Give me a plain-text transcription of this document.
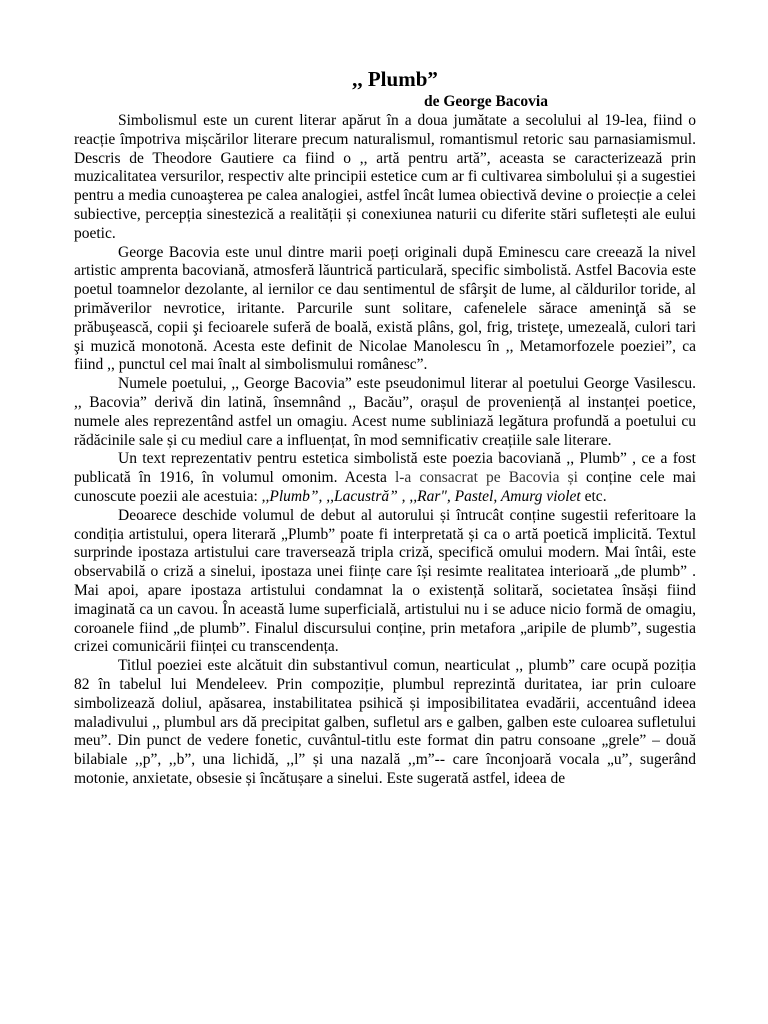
,, Plumb”

de George Bacovia

Simbolismul este un curent literar apărut în a doua jumătate a secolului al 19-lea, fiind o reacție împotriva mișcărilor literare precum naturalismul, romantismul retoric sau parnasiamismul. Descris de Theodore Gautiere ca fiind o ,, artă pentru artă”, aceasta se caracterizează prin muzicalitatea versurilor, respectiv alte principii estetice cum ar fi cultivarea simbolului și a sugestiei pentru a media cunoaşterea pe calea analogiei, astfel încât lumea obiectivă devine o proiecție a celei subiective, percepția sinestezică a realității și conexiunea naturii cu diferite stări sufletești ale eului poetic.

George Bacovia este unul dintre marii poeți originali după Eminescu care creează la nivel artistic amprenta bacoviană, atmosferă lăuntrică particulară, specific simbolistă. Astfel Bacovia este poetul toamnelor dezolante, al iernilor ce dau sentimentul de sfârşit de lume, al căldurilor toride, al primăverilor nevrotice, iritante. Parcurile sunt solitare, cafenelele sărace ameninţă să se prăbuşească, copii şi fecioarele suferă de boală, există plâns, gol, frig, tristeţe, umezeală, culori tari şi muzică monotonă. Acesta este definit de Nicolae Manolescu în ,, Metamorfozele poeziei”, ca fiind ,, punctul cel mai înalt al simbolismului românesc”.

Numele poetului, ,, George Bacovia” este pseudonimul literar al poetului George Vasilescu. ,, Bacovia” derivă din latină, însemnând ,, Bacău”, orașul de proveniență al instanței poetice, numele ales reprezentând astfel un omagiu. Acest nume subliniază legătura profundă a poetului cu rădăcinile sale și cu mediul care a influențat, în mod semnificativ creațiile sale literare.

Un text reprezentativ pentru estetica simbolistă este poezia bacoviană ,, Plumb” , ce a fost publicată în 1916, în volumul omonim. Acesta l-a consacrat pe Bacovia și conține cele mai cunoscute poezii ale acestuia: ,,Plumb”, ,,Lacustră” , ,,Rar", Pastel, Amurg violet etc.

Deoarece deschide volumul de debut al autorului și întrucât conține sugestii referitoare la condiția artistului, opera literară „Plumb” poate fi interpretată și ca o artă poetică implicită. Textul surprinde ipostaza artistului care traversează tripla criză, specifică omului modern. Mai întâi, este observabilă o criză a sinelui, ipostaza unei ființe care își resimte realitatea interioară „de plumb” . Mai apoi, apare ipostaza artistului condamnat la o existență solitară, societatea însăși fiind imaginată ca un cavou. În această lume superficială, artistului nu i se aduce nicio formă de omagiu, coroanele fiind „de plumb”. Finalul discursului conține, prin metafora „aripile de plumb”, sugestia crizei comunicării ființei cu transcendența.

Titlul poeziei este alcătuit din substantivul comun, nearticulat ,, plumb” care ocupă poziția 82 în tabelul lui Mendeleev. Prin compoziție, plumbul reprezintă duritatea, iar prin culoare simbolizează doliul, apăsarea, instabilitatea psihică și imposibilitatea evadării, accentuând ideea maladivului ,, plumbul ars dă precipitat galben, sufletul ars e galben, galben este culoarea sufletului meu”. Din punct de vedere fonetic, cuvântul-titlu este format din patru consoane „grele” – două bilabiale ,,p”, ,,b”, una lichidă, ,,l” și una nazală ,,m”-- care înconjoară vocala „u”, sugerând motonie, anxietate, obsesie și încătușare a sinelui. Este sugerată astfel, ideea de
